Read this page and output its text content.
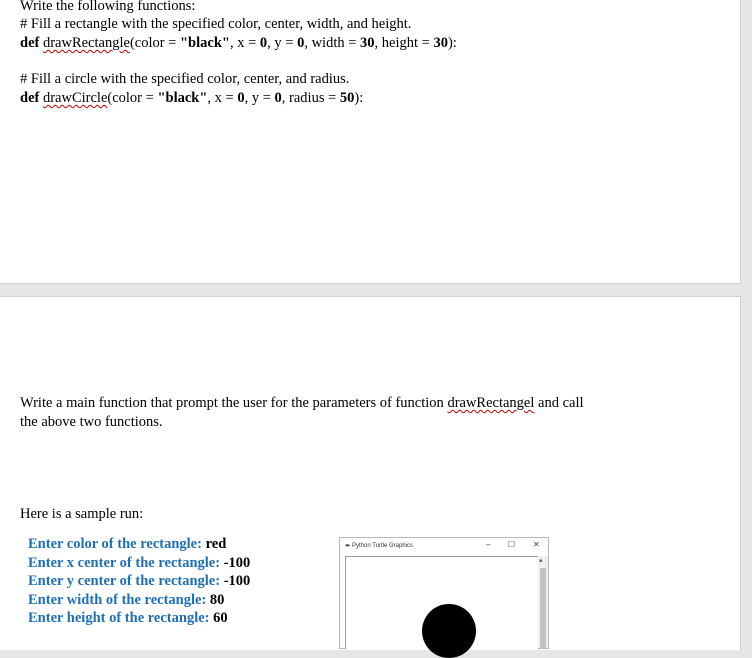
Write the following functions:
# Fill a rectangle with the specified color, center, width, and height.
def drawRectangle(color = "black", x = 0, y = 0, width = 30, height = 30):
# Fill a circle with the specified color, center, and radius.
def drawCircle(color = "black", x = 0, y = 0, radius = 50):
Write a main function that prompt the user for the parameters of function drawRectangel and call
the above two functions.
Here is a sample run:
Enter color of the rectangle: red
Enter x center of the rectangle: -100
Enter y center of the rectangle: -100
Enter width of the rectangle: 80
Enter height of the rectangle: 60
✒ Python Turtle Graphics	– ☐ ✕
▴
